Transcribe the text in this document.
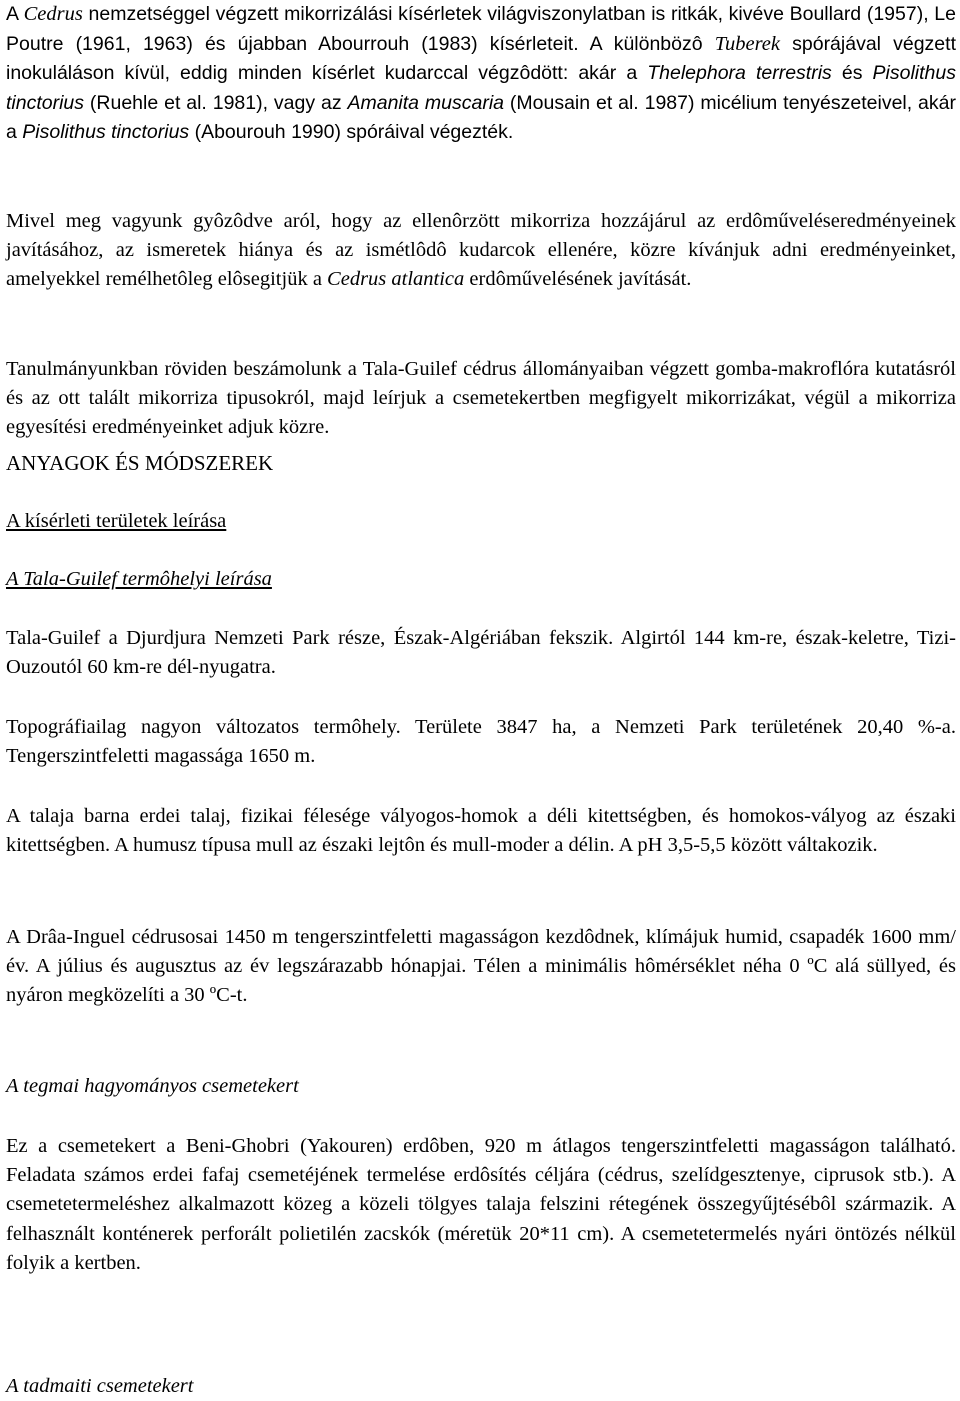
A Cedrus nemzetséggel végzett mikorrizálási kísérletek világviszonylatban is ritkák, kivéve Boullard (1957), Le Poutre (1961, 1963) és újabban Abourrouh (1983) kísérleteit. A különbözô Tuberek spórájával végzett inokuláláson kívül, eddig minden kísérlet kudarccal végzôdött: akár a Thelephora terrestris és Pisolithus tinctorius (Ruehle et al. 1981), vagy az Amanita muscaria (Mousain et al. 1987) micélium tenyészeteivel, akár a Pisolithus tinctorius (Abourouh 1990) spóráival végezték.

Mivel meg vagyunk gyôzôdve aról, hogy az ellenôrzött mikorriza hozzájárul az erdôműveléseredményeinek javításához, az ismeretek hiánya és az ismétlôdô kudarcok ellenére, közre kívánjuk adni eredményeinket, amelyekkel remélhetôleg elôsegitjük a Cedrus atlantica erdôművelésének javítását.

Tanulmányunkban röviden beszámolunk a Tala-Guilef cédrus állományaiban végzett gomba-makroflóra kutatásról és az ott talált mikorriza tipusokról, majd leírjuk a csemetekertben megfigyelt mikorrizákat, végül a mikorriza egyesítési eredményeinket adjuk közre.

ANYAGOK ÉS MÓDSZEREK
A kísérleti területek leírása
A Tala-Guilef termôhelyi leírása

Tala-Guilef a Djurdjura Nemzeti Park része, Észak-Algériában fekszik. Algirtól 144 km-re, észak-keletre, Tizi-Ouzoutól 60 km-re dél-nyugatra.

Topográfiailag nagyon változatos termôhely. Területe 3847 ha, a Nemzeti Park területének 20,40 %-a. Tengerszintfeletti magassága 1650 m.

A talaja barna erdei talaj, fizikai félesége vályogos-homok a déli kitettségben, és homokos-vályog az északi kitettségben. A humusz típusa mull az északi lejtôn és mull-moder a délin. A pH 3,5-5,5 között váltakozik.

A Drâa-Inguel cédrusosai 1450 m tengerszintfeletti magasságon kezdôdnek, klímájuk humid, csapadék 1600 mm/év. A július és augusztus az év legszárazabb hónapjai. Télen a minimális hômérséklet néha 0 ºC alá süllyed, és nyáron megközelíti a 30 ºC-t.

A tegmai hagyományos csemetekert

Ez a csemetekert a Beni-Ghobri (Yakouren) erdôben, 920 m átlagos tengerszintfeletti magasságon található. Feladata számos erdei fafaj csemetéjének termelése erdôsítés céljára (cédrus, szelídgesztenye, ciprusok stb.). A csemetetermeléshez alkalmazott közeg a közeli tölgyes talaja felszini rétegének összegyűjtésébôl származik. A felhasznált konténerek perforált polietilén zacskók (méretük 20*11 cm). A csemetetermelés nyári öntözés nélkül folyik a kertben.

A tadmaiti csemetekert
